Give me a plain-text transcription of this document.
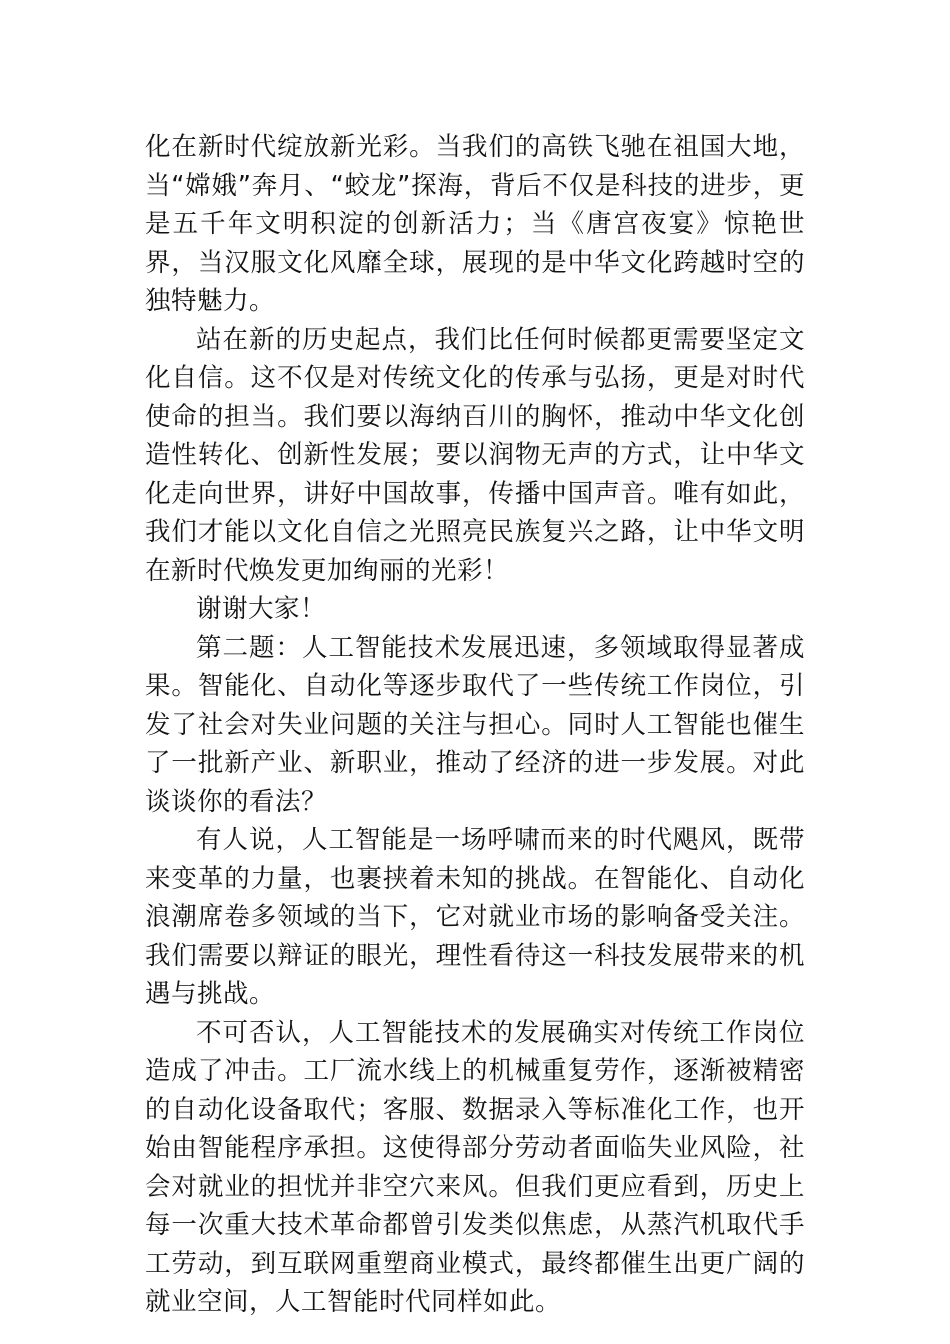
化在新时代绽放新光彩。当我们的高铁飞驰在祖国大地，当“嫦娥”奔月、“蛟龙”探海，背后不仅是科技的进步，更是五千年文明积淀的创新活力；当《唐宫夜宴》惊艳世界，当汉服文化风靡全球，展现的是中华文化跨越时空的独特魅力。

站在新的历史起点，我们比任何时候都更需要坚定文化自信。这不仅是对传统文化的传承与弘扬，更是对时代使命的担当。我们要以海纳百川的胸怀，推动中华文化创造性转化、创新性发展；要以润物无声的方式，让中华文化走向世界，讲好中国故事，传播中国声音。唯有如此，我们才能以文化自信之光照亮民族复兴之路，让中华文明在新时代焕发更加绚丽的光彩！

谢谢大家！

第二题：人工智能技术发展迅速，多领域取得显著成果。智能化、自动化等逐步取代了一些传统工作岗位，引发了社会对失业问题的关注与担心。同时人工智能也催生了一批新产业、新职业，推动了经济的进一步发展。对此谈谈你的看法？

有人说，人工智能是一场呼啸而来的时代飓风，既带来变革的力量，也裹挟着未知的挑战。在智能化、自动化浪潮席卷多领域的当下，它对就业市场的影响备受关注。我们需要以辩证的眼光，理性看待这一科技发展带来的机遇与挑战。

不可否认，人工智能技术的发展确实对传统工作岗位造成了冲击。工厂流水线上的机械重复劳作，逐渐被精密的自动化设备取代；客服、数据录入等标准化工作，也开始由智能程序承担。这使得部分劳动者面临失业风险，社会对就业的担忧并非空穴来风。但我们更应看到，历史上每一次重大技术革命都曾引发类似焦虑，从蒸汽机取代手工劳动，到互联网重塑商业模式，最终都催生出更广阔的就业空间，人工智能时代同样如此。
